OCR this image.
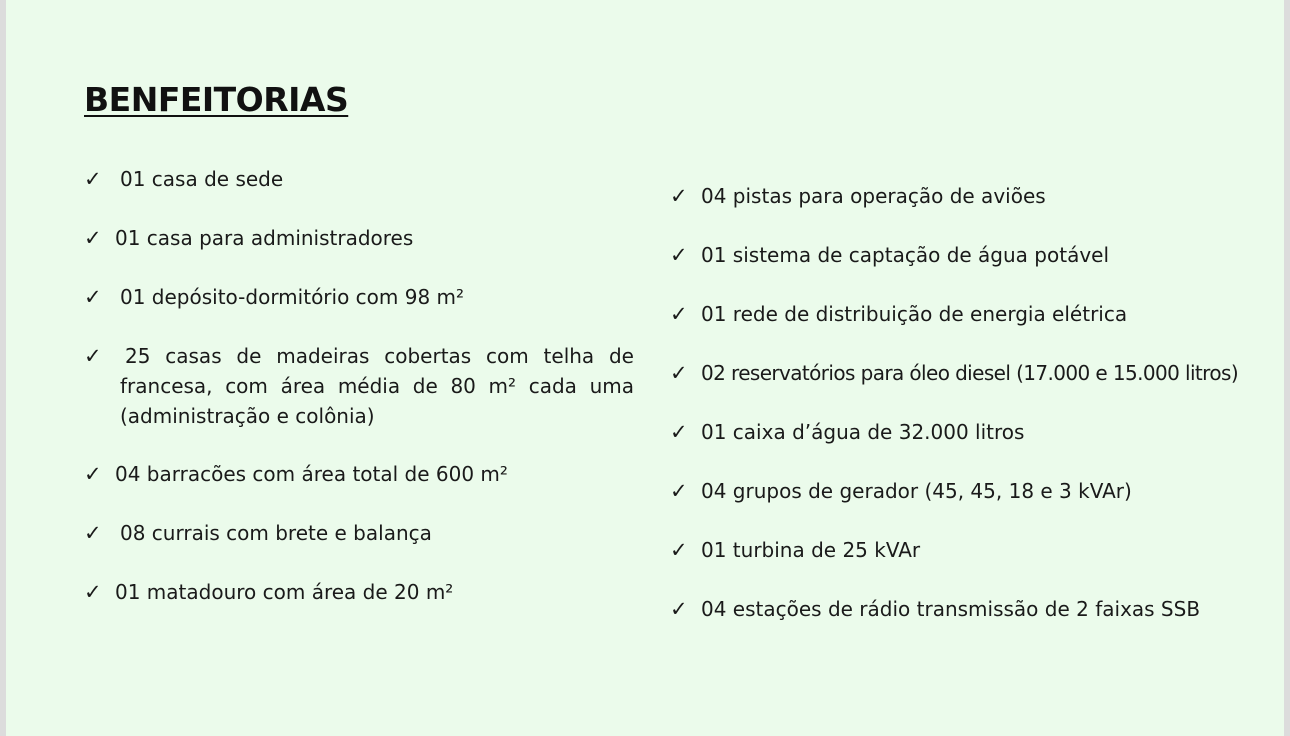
BENFEITORIAS
✓ 01 casa de sede
✓ 01 casa para administradores
✓ 01 depósito-dormitório com 98 m²
✓ 25 casas de madeiras cobertas com telha de francesa, com área média de 80 m² cada uma (administração e colônia)
✓ 04 barracões com área total de 600 m²
✓ 08 currais com brete e balança
✓ 01 matadouro com área de 20 m²
✓ 04 pistas para operação de aviões
✓ 01 sistema de captação de água potável
✓ 01 rede de distribuição de energia elétrica
✓ 02 reservatórios para óleo diesel (17.000 e 15.000 litros)
✓ 01 caixa d’água de 32.000 litros
✓ 04 grupos de gerador (45, 45, 18 e 3 kVAr)
✓ 01 turbina de 25 kVAr
✓ 04 estações de rádio transmissão de 2 faixas SSB
